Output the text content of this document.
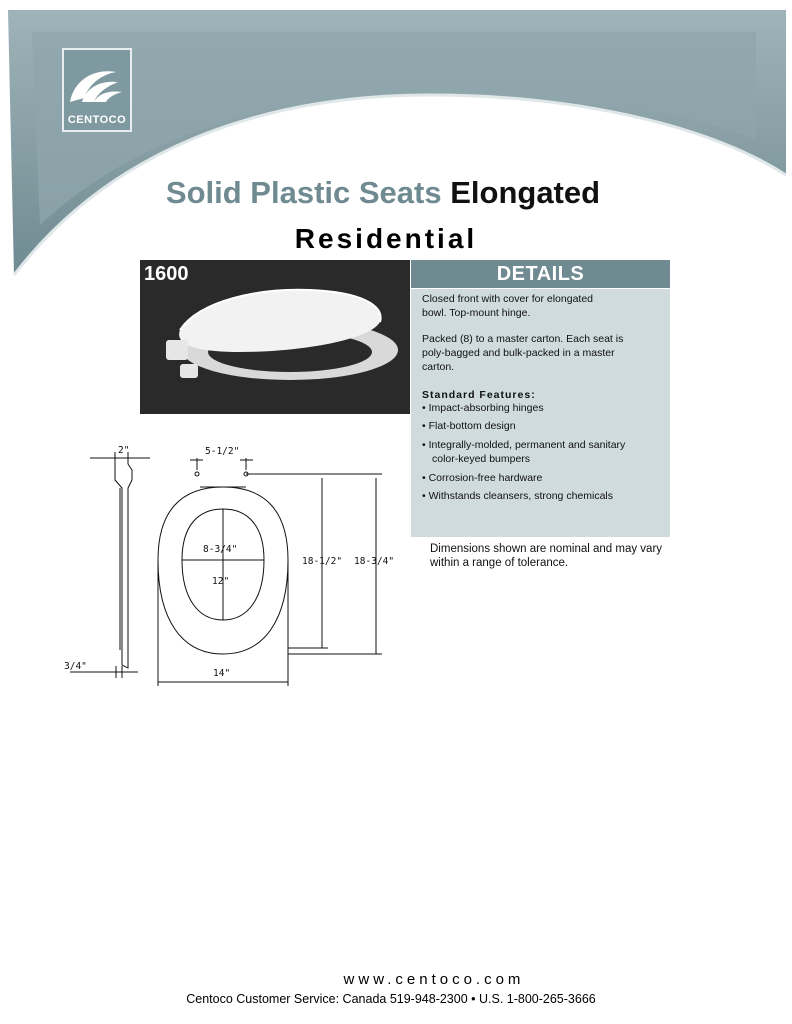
CENTOCO
Solid Plastic Seats Elongated
Residential
1600	DETAILS
Closed front with cover for elongated
bowl. Top-mount hinge.
Packed (8) to a master carton. Each seat is
poly-bagged and bulk-packed in a master
carton.
Standard Features:
• Impact-absorbing hinges
• Flat-bottom design
• Integrally-molded, permanent and sanitary
color-keyed bumpers
• Corrosion-free hardware
• Withstands cleansers, strong chemicals
Dimensions shown are nominal and may vary
within a range of tolerance.
2"
3/4"
5-1/2"
8-3/4"
12"
18-1/2" 18-3/4"
14"
www.centoco.com
Centoco Customer Service: Canada 519-948-2300 • U.S. 1-800-265-3666
